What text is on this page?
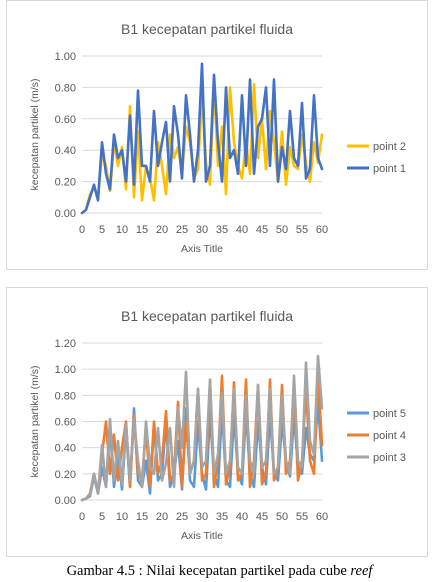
B1 kecepatan partikel fluida
0.00
0.20
0.40
0.60
0.80
1.00
0 5 10 15 20 25 30 35 40 45 50 55 60
Axis Title
kecepatan partikel (m/s)	point 2
point 1
B1 kecepatan partikel fluida
0.00
0.20
0.40
0.60
0.80
1.00
1.20
0 5 10 15 20 25 30 35 40 45 50 55 60
Axis Title
kecepatan partikel (m/s)	point 5
point 4
point 3
Gambar 4.5 : Nilai kecepatan partikel pada cube reef
